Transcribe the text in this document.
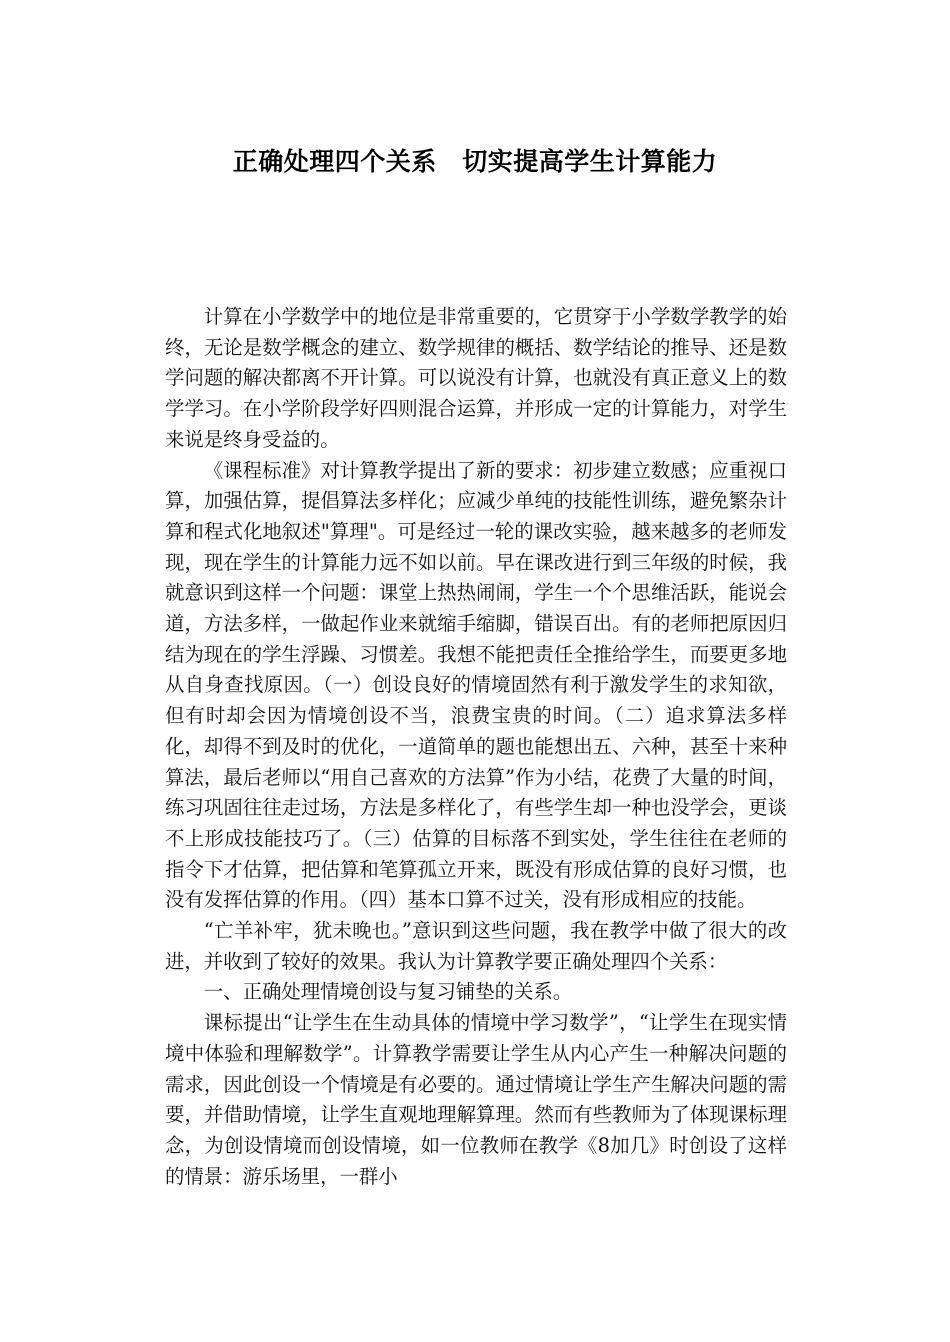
正确处理四个关系　切实提高学生计算能力

计算在小学数学中的地位是非常重要的，它贯穿于小学数学教学的始终，无论是数学概念的建立、数学规律的概括、数学结论的推导、还是数学问题的解决都离不开计算。可以说没有计算，也就没有真正意义上的数学学习。在小学阶段学好四则混合运算，并形成一定的计算能力，对学生来说是终身受益的。

《课程标准》对计算教学提出了新的要求：初步建立数感；应重视口算，加强估算，提倡算法多样化；应减少单纯的技能性训练，避免繁杂计算和程式化地叙述"算理"。可是经过一轮的课改实验，越来越多的老师发现，现在学生的计算能力远不如以前。早在课改进行到三年级的时候，我就意识到这样一个问题：课堂上热热闹闹，学生一个个思维活跃，能说会道，方法多样，一做起作业来就缩手缩脚，错误百出。有的老师把原因归结为现在的学生浮躁、习惯差。我想不能把责任全推给学生，而要更多地从自身查找原因。（一）创设良好的情境固然有利于激发学生的求知欲，但有时却会因为情境创设不当，浪费宝贵的时间。（二）追求算法多样化，却得不到及时的优化，一道简单的题也能想出五、六种，甚至十来种算法，最后老师以“用自己喜欢的方法算”作为小结，花费了大量的时间，练习巩固往往走过场，方法是多样化了，有些学生却一种也没学会，更谈不上形成技能技巧了。（三）估算的目标落不到实处，学生往往在老师的指令下才估算，把估算和笔算孤立开来，既没有形成估算的良好习惯，也没有发挥估算的作用。（四）基本口算不过关，没有形成相应的技能。

“亡羊补牢，犹未晚也。”意识到这些问题，我在教学中做了很大的改进，并收到了较好的效果。我认为计算教学要正确处理四个关系：

一、正确处理情境创设与复习铺垫的关系。

课标提出“让学生在生动具体的情境中学习数学”，“让学生在现实情境中体验和理解数学”。计算教学需要让学生从内心产生一种解决问题的需求，因此创设一个情境是有必要的。通过情境让学生产生解决问题的需要，并借助情境，让学生直观地理解算理。然而有些教师为了体现课标理念，为创设情境而创设情境，如一位教师在教学《8加几》时创设了这样的情景：游乐场里，一群小
